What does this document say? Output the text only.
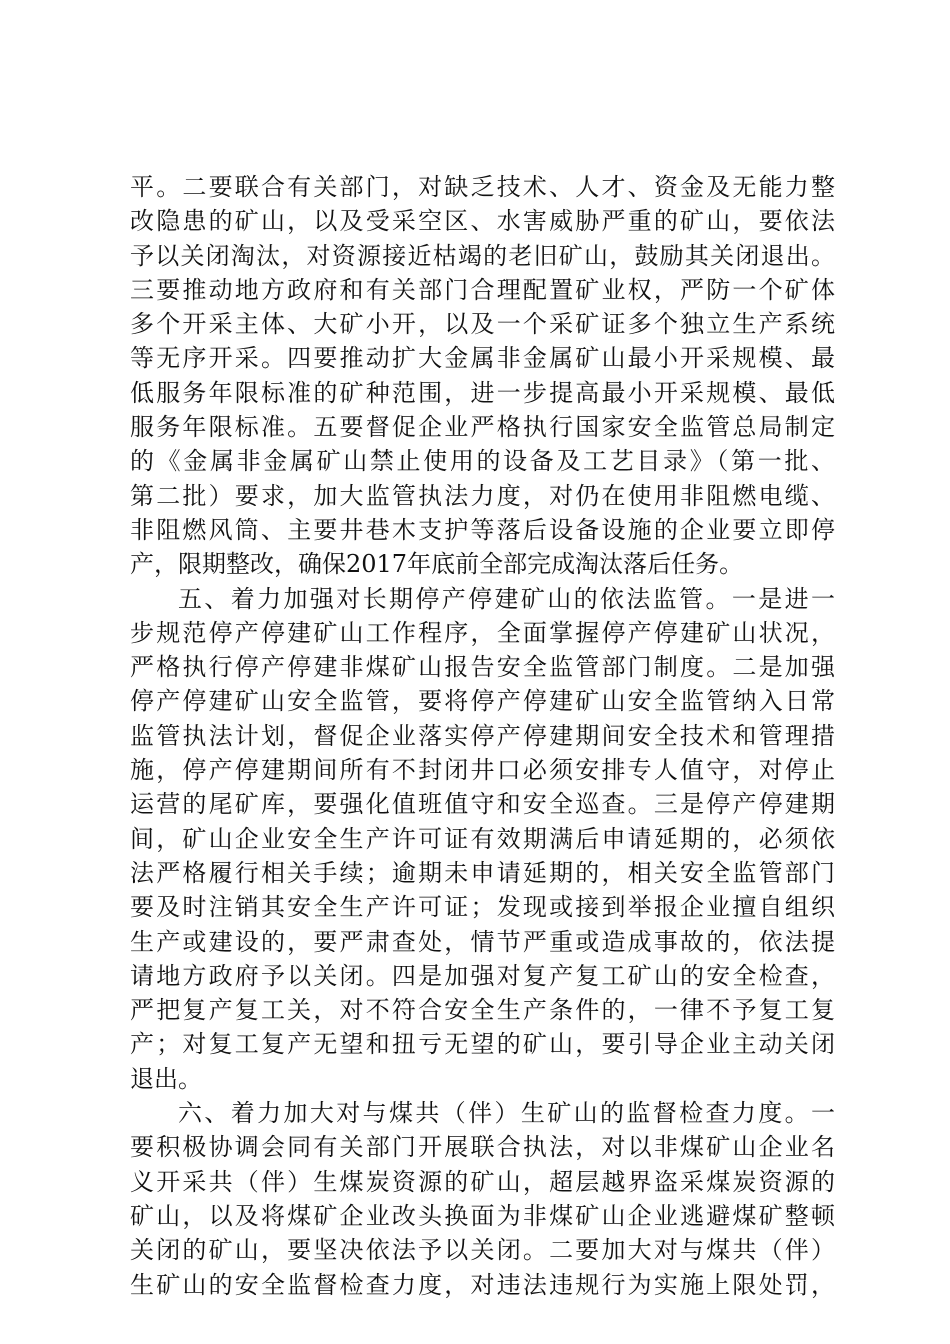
平。二要联合有关部门，对缺乏技术、人才、资金及无能力整
改隐患的矿山，以及受采空区、水害威胁严重的矿山，要依法
予以关闭淘汰，对资源接近枯竭的老旧矿山，鼓励其关闭退出。
三要推动地方政府和有关部门合理配置矿业权，严防一个矿体
多个开采主体、大矿小开，以及一个采矿证多个独立生产系统
等无序开采。四要推动扩大金属非金属矿山最小开采规模、最
低服务年限标准的矿种范围，进一步提高最小开采规模、最低
服务年限标准。五要督促企业严格执行国家安全监管总局制定
的《金属非金属矿山禁止使用的设备及工艺目录》（第一批、
第二批）要求，加大监管执法力度，对仍在使用非阻燃电缆、
非阻燃风筒、主要井巷木支护等落后设备设施的企业要立即停
产，限期整改，确保2017年底前全部完成淘汰落后任务。
五、着力加强对长期停产停建矿山的依法监管。一是进一
步规范停产停建矿山工作程序，全面掌握停产停建矿山状况，
严格执行停产停建非煤矿山报告安全监管部门制度。二是加强
停产停建矿山安全监管，要将停产停建矿山安全监管纳入日常
监管执法计划，督促企业落实停产停建期间安全技术和管理措
施，停产停建期间所有不封闭井口必须安排专人值守，对停止
运营的尾矿库，要强化值班值守和安全巡查。三是停产停建期
间，矿山企业安全生产许可证有效期满后申请延期的，必须依
法严格履行相关手续；逾期未申请延期的，相关安全监管部门
要及时注销其安全生产许可证；发现或接到举报企业擅自组织
生产或建设的，要严肃查处，情节严重或造成事故的，依法提
请地方政府予以关闭。四是加强对复产复工矿山的安全检查，
严把复产复工关，对不符合安全生产条件的，一律不予复工复
产；对复工复产无望和扭亏无望的矿山，要引导企业主动关闭
退出。
六、着力加大对与煤共（伴）生矿山的监督检查力度。一
要积极协调会同有关部门开展联合执法，对以非煤矿山企业名
义开采共（伴）生煤炭资源的矿山，超层越界盗采煤炭资源的
矿山，以及将煤矿企业改头换面为非煤矿山企业逃避煤矿整顿
关闭的矿山，要坚决依法予以关闭。二要加大对与煤共（伴）
生矿山的安全监督检查力度，对违法违规行为实施上限处罚，
